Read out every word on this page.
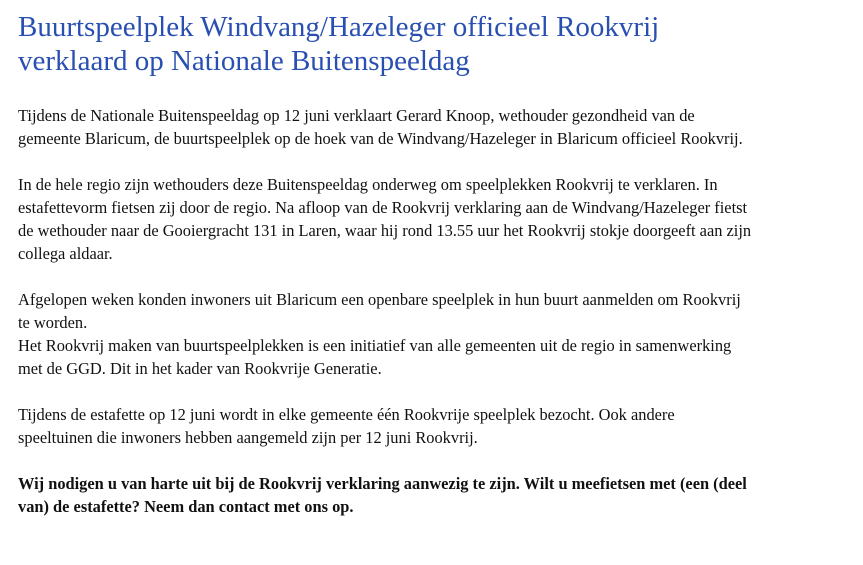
Buurtspeelplek Windvang/Hazeleger officieel Rookvrij
verklaard op Nationale Buitenspeeldag

Tijdens de Nationale Buitenspeeldag op 12 juni verklaart Gerard Knoop, wethouder gezondheid van de
gemeente Blaricum, de buurtspeelplek op de hoek van de Windvang/Hazeleger in Blaricum officieel Rookvrij.

In de hele regio zijn wethouders deze Buitenspeeldag onderweg om speelplekken Rookvrij te verklaren. In
estafettevorm fietsen zij door de regio. Na afloop van de Rookvrij verklaring aan de Windvang/Hazeleger fietst
de wethouder naar de Gooiergracht 131 in Laren, waar hij rond 13.55 uur het Rookvrij stokje doorgeeft aan zijn
collega aldaar.

Afgelopen weken konden inwoners uit Blaricum een openbare speelplek in hun buurt aanmelden om Rookvrij
te worden.

Het Rookvrij maken van buurtspeelplekken is een initiatief van alle gemeenten uit de regio in samenwerking
met de GGD. Dit in het kader van Rookvrije Generatie.

Tijdens de estafette op 12 juni wordt in elke gemeente één Rookvrije speelplek bezocht. Ook andere
speeltuinen die inwoners hebben aangemeld zijn per 12 juni Rookvrij.

Wij nodigen u van harte uit bij de Rookvrij verklaring aanwezig te zijn. Wilt u meefietsen met (een (deel
van) de estafette? Neem dan contact met ons op.
